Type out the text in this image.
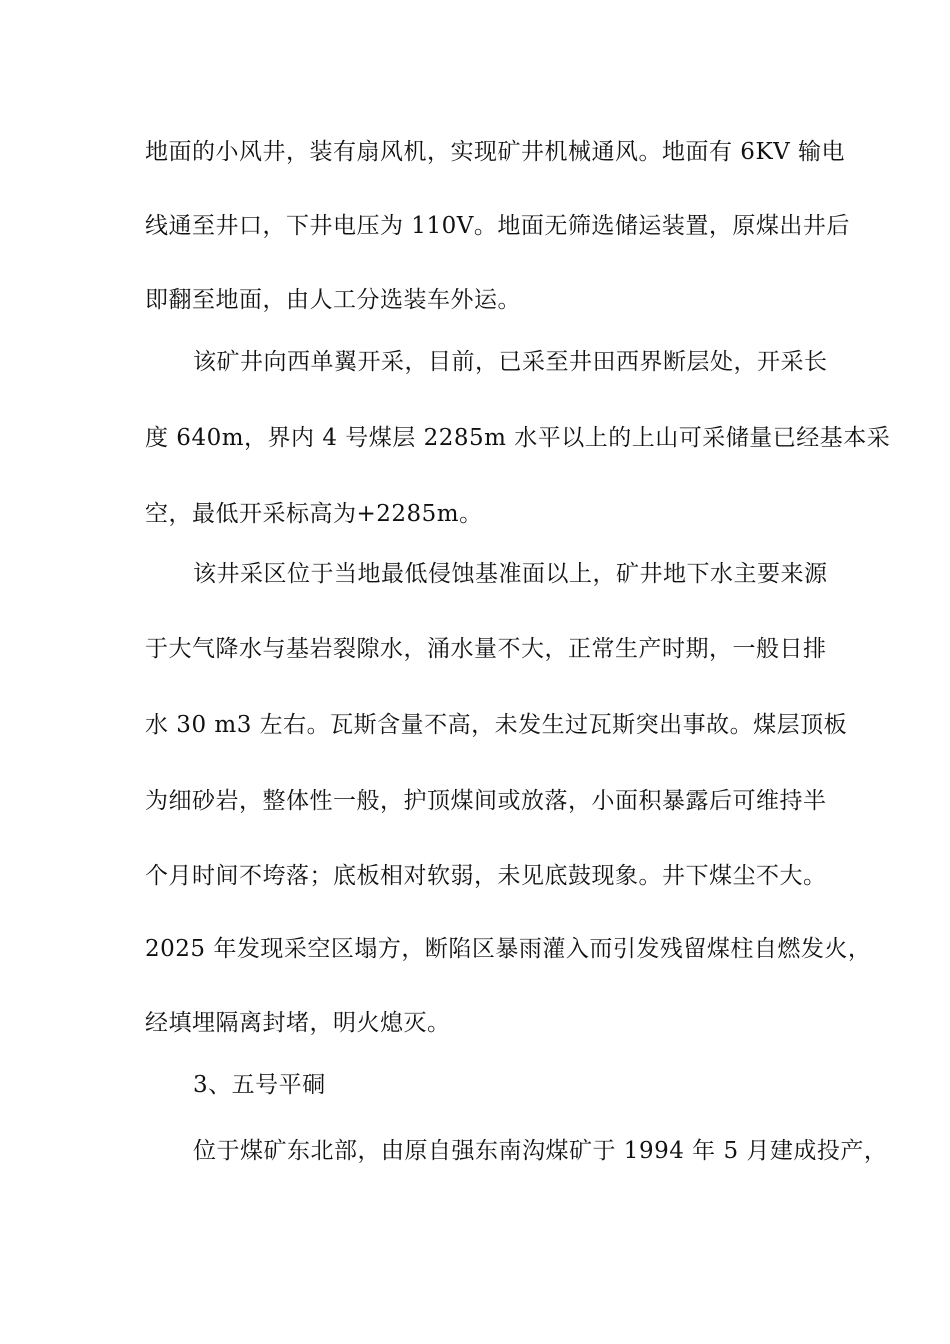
地面的小风井，装有扇风机，实现矿井机械通风。地面有 6KV 输电
线通至井口，下井电压为 110V。地面无筛选储运装置，原煤出井后
即翻至地面，由人工分选装车外运。
该矿井向西单翼开采，目前，已采至井田西界断层处，开采长
度 640m，界内 4 号煤层 2285m 水平以上的上山可采储量已经基本采
空，最低开采标高为+2285m。
该井采区位于当地最低侵蚀基准面以上，矿井地下水主要来源
于大气降水与基岩裂隙水，涌水量不大，正常生产时期，一般日排
水 30 m3 左右。瓦斯含量不高，未发生过瓦斯突出事故。煤层顶板
为细砂岩，整体性一般，护顶煤间或放落，小面积暴露后可维持半
个月时间不垮落；底板相对软弱，未见底鼓现象。井下煤尘不大。
2025 年发现采空区塌方，断陷区暴雨灌入而引发残留煤柱自燃发火，
经填埋隔离封堵，明火熄灭。
3、五号平硐
位于煤矿东北部，由原自强东南沟煤矿于 1994 年 5 月建成投产，
